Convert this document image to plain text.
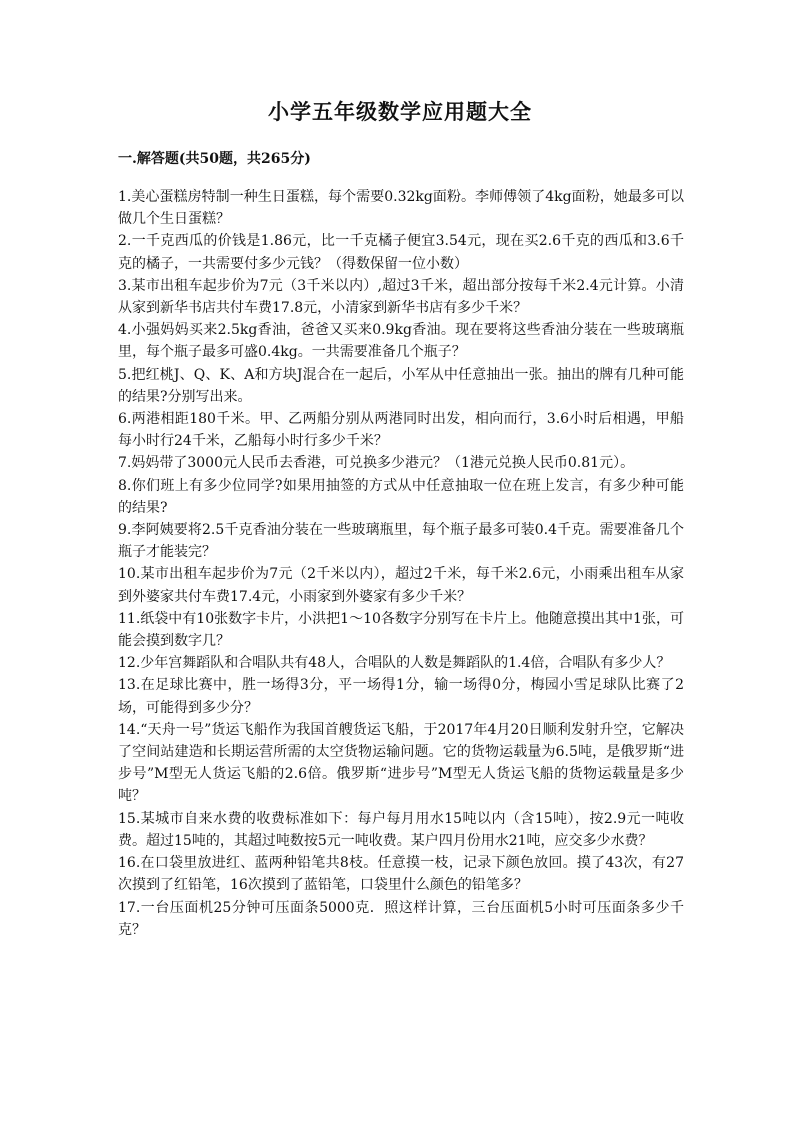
小学五年级数学应用题大全
一.解答题(共50题，共265分)
1.美心蛋糕房特制一种生日蛋糕，每个需要0.32kg面粉。李师傅领了4kg面粉，她最多可以做几个生日蛋糕？
2.一千克西瓜的价钱是1.86元，比一千克橘子便宜3.54元，现在买2.6千克的西瓜和3.6千克的橘子，一共需要付多少元钱？（得数保留一位小数）
3.某市出租车起步价为7元（3千米以内）,超过3千米，超出部分按每千米2.4元计算。小清从家到新华书店共付车费17.8元，小清家到新华书店有多少千米？
4.小强妈妈买来2.5kg香油，爸爸又买来0.9kg香油。现在要将这些香油分装在一些玻璃瓶里，每个瓶子最多可盛0.4kg。一共需要准备几个瓶子？
5.把红桃J、Q、K、A和方块J混合在一起后，小军从中任意抽出一张。抽出的牌有几种可能的结果?分别写出来。
6.两港相距180千米。甲、乙两船分别从两港同时出发，相向而行，3.6小时后相遇，甲船每小时行24千米，乙船每小时行多少千米？
7.妈妈带了3000元人民币去香港，可兑换多少港元？（1港元兑换人民币0.81元）。
8.你们班上有多少位同学?如果用抽签的方式从中任意抽取一位在班上发言，有多少种可能的结果?
9.李阿姨要将2.5千克香油分装在一些玻璃瓶里，每个瓶子最多可装0.4千克。需要准备几个瓶子才能装完？
10.某市出租车起步价为7元（2千米以内），超过2千米，每千米2.6元，小雨乘出租车从家到外婆家共付车费17.4元，小雨家到外婆家有多少千米？
11.纸袋中有10张数字卡片，小洪把1～10各数字分别写在卡片上。他随意摸出其中1张，可能会摸到数字几？
12.少年宫舞蹈队和合唱队共有48人，合唱队的人数是舞蹈队的1.4倍，合唱队有多少人？
13.在足球比赛中，胜一场得3分，平一场得1分，输一场得0分，梅园小雪足球队比赛了2场，可能得到多少分？
14.“天舟一号”货运飞船作为我国首艘货运飞船，于2017年4月20日顺利发射升空，它解决了空间站建造和长期运营所需的太空货物运输问题。它的货物运载量为6.5吨，是俄罗斯“进步号”M型无人货运飞船的2.6倍。俄罗斯“进步号”M型无人货运飞船的货物运载量是多少吨？
15.某城市自来水费的收费标准如下：每户每月用水15吨以内（含15吨），按2.9元一吨收费。超过15吨的，其超过吨数按5元一吨收费。某户四月份用水21吨，应交多少水费？
16.在口袋里放进红、蓝两种铅笔共8枝。任意摸一枝，记录下颜色放回。摸了43次，有27次摸到了红铅笔，16次摸到了蓝铅笔，口袋里什么颜色的铅笔多？
17.一台压面机25分钟可压面条5000克．照这样计算，三台压面机5小时可压面条多少千克？
